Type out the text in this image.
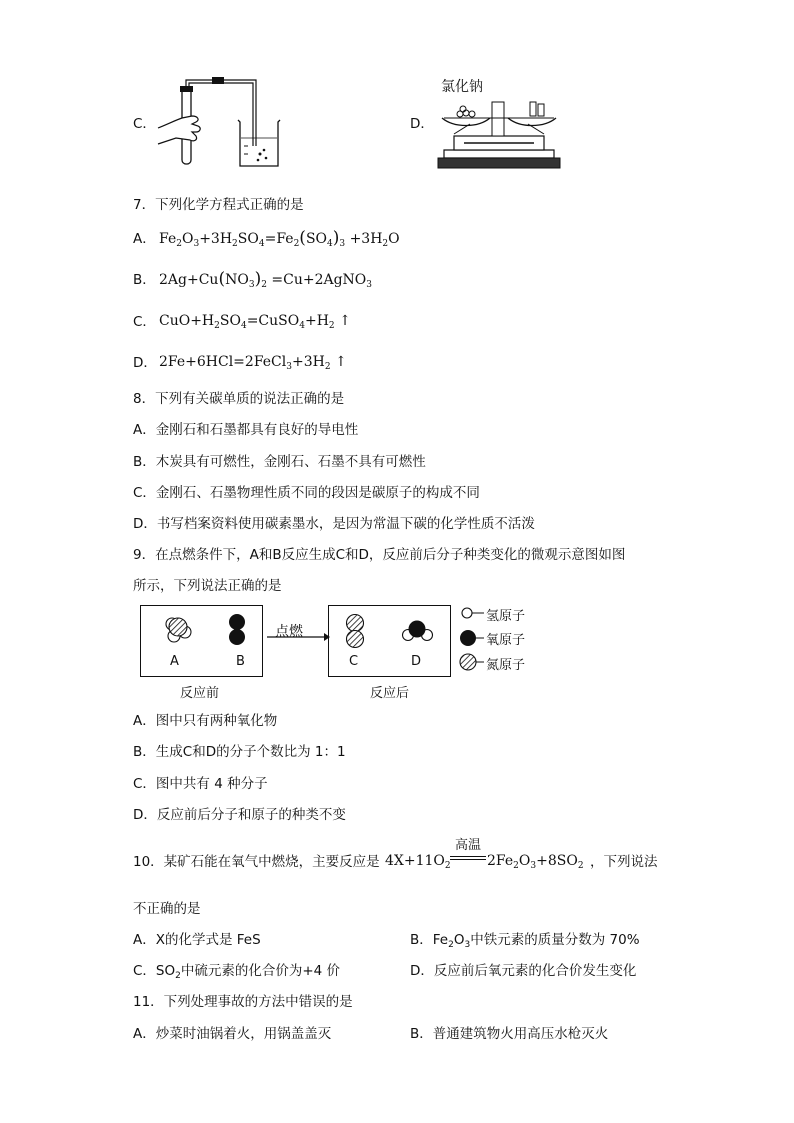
C．	D．
氯化钠
7．下列化学方程式正确的是
A． $Fe_2O_3+3H_2SO_4=Fe_2(SO_4)_3 +3H_2O$
B． $2Ag+Cu(NO_3)_2$ =Cu+2AgNO$_3$
C． $CuO+H_2SO_4=CuSO_4+H_2$ ↑
D． $2Fe+6HCl=2FeCl_3+3H_2$ ↑
8．下列有关碳单质的说法正确的是
A．金刚石和石墨都具有良好的导电性
B．木炭具有可燃性，金刚石、石墨不具有可燃性
C．金刚石、石墨物理性质不同的段因是碳原子的构成不同
D．书写档案资料使用碳素墨水，是因为常温下碳的化学性质不活泼
9．在点燃条件下，A和B反应生成C和D，反应前后分子种类变化的微观示意图如图
所示，下列说法正确的是
A	B	C	D
点燃
反应前	反应后
氢原子
氧原子
氮原子
A．图中只有两种氧化物
B．生成C和D的分子个数比为 1：1
C．图中共有 4 种分子
D．反应前后分子和原子的种类不变
10．某矿石能在氧气中燃烧，主要反应是 $4X+11O_2$
高温
$2Fe_2O_3+8SO_2$ ，下列说法
不正确的是
A．X的化学式是 FeS	B．$Fe_2O_3$中铁元素的质量分数为 70%
C．$SO_2$中硫元素的化合价为+4 价	D．反应前后氧元素的化合价发生变化
11．下列处理事故的方法中错误的是
A．炒菜时油锅着火，用锅盖盖灭	B．普通建筑物火用高压水枪灭火
